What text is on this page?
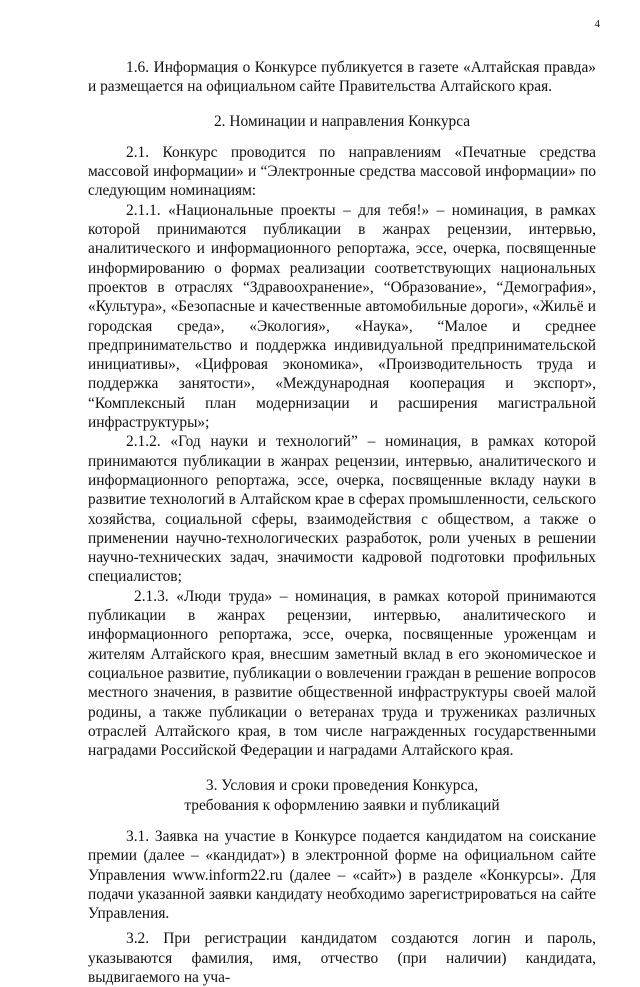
4

1.6. Информация о Конкурсе публикуется в газете «Алтайская правда» и размещается на официальном сайте Правительства Алтайского края.

2. Номинации и направления Конкурса

2.1. Конкурс проводится по направлениям «Печатные средства массовой информации» и “Электронные средства массовой информации» по следующим номинациям:

2.1.1. «Национальные проекты – для тебя!» – номинация, в рамках которой принимаются публикации в жанрах рецензии, интервью, аналитического и информационного репортажа, эссе, очерка, посвященные информированию о формах реализации соответствующих национальных проектов в отраслях “Здравоохранение», “Образование», “Демография», «Культура», «Безопасные и качественные автомобильные дороги», «Жильё и городская среда», «Экология», «Наука», “Малое и среднее предпринимательство и поддержка индивидуальной предпринимательской инициативы», «Цифровая экономика», «Производительность труда и поддержка занятости», «Международная кооперация и экспорт», “Комплексный план модернизации и расширения магистральной инфраструктуры»;

2.1.2. «Год науки и технологий” – номинация, в рамках которой принимаются публикации в жанрах рецензии, интервью, аналитического и информационного репортажа, эссе, очерка, посвященные вкладу науки в развитие технологий в Алтайском крае в сферах промышленности, сельского хозяйства, социальной сферы, взаимодействия с обществом, а также о применении научно-технологических разработок, роли ученых в решении научно-технических задач, значимости кадровой подготовки профильных специалистов;

2.1.3. «Люди труда» – номинация, в рамках которой принимаются публикации в жанрах рецензии, интервью, аналитического и информационного репортажа, эссе, очерка, посвященные уроженцам и жителям Алтайского края, внесшим заметный вклад в его экономическое и социальное развитие, публикации о вовлечении граждан в решение вопросов местного значения, в развитие общественной инфраструктуры своей малой родины, а также публикации о ветеранах труда и тружениках различных отраслей Алтайского края, в том числе награжденных государственными наградами Российской Федерации и наградами Алтайского края.

3. Условия и сроки проведения Конкурса,
требования к оформлению заявки и публикаций

3.1. Заявка на участие в Конкурсе подается кандидатом на соискание премии (далее – «кандидат») в электронной форме на официальном сайте Управления www.inform22.ru (далее – «сайт») в разделе «Конкурсы». Для подачи указанной заявки кандидату необходимо зарегистрироваться на сайте Управления.

3.2. При регистрации кандидатом создаются логин и пароль, указываются фамилия, имя, отчество (при наличии) кандидата, выдвигаемого на уча-
